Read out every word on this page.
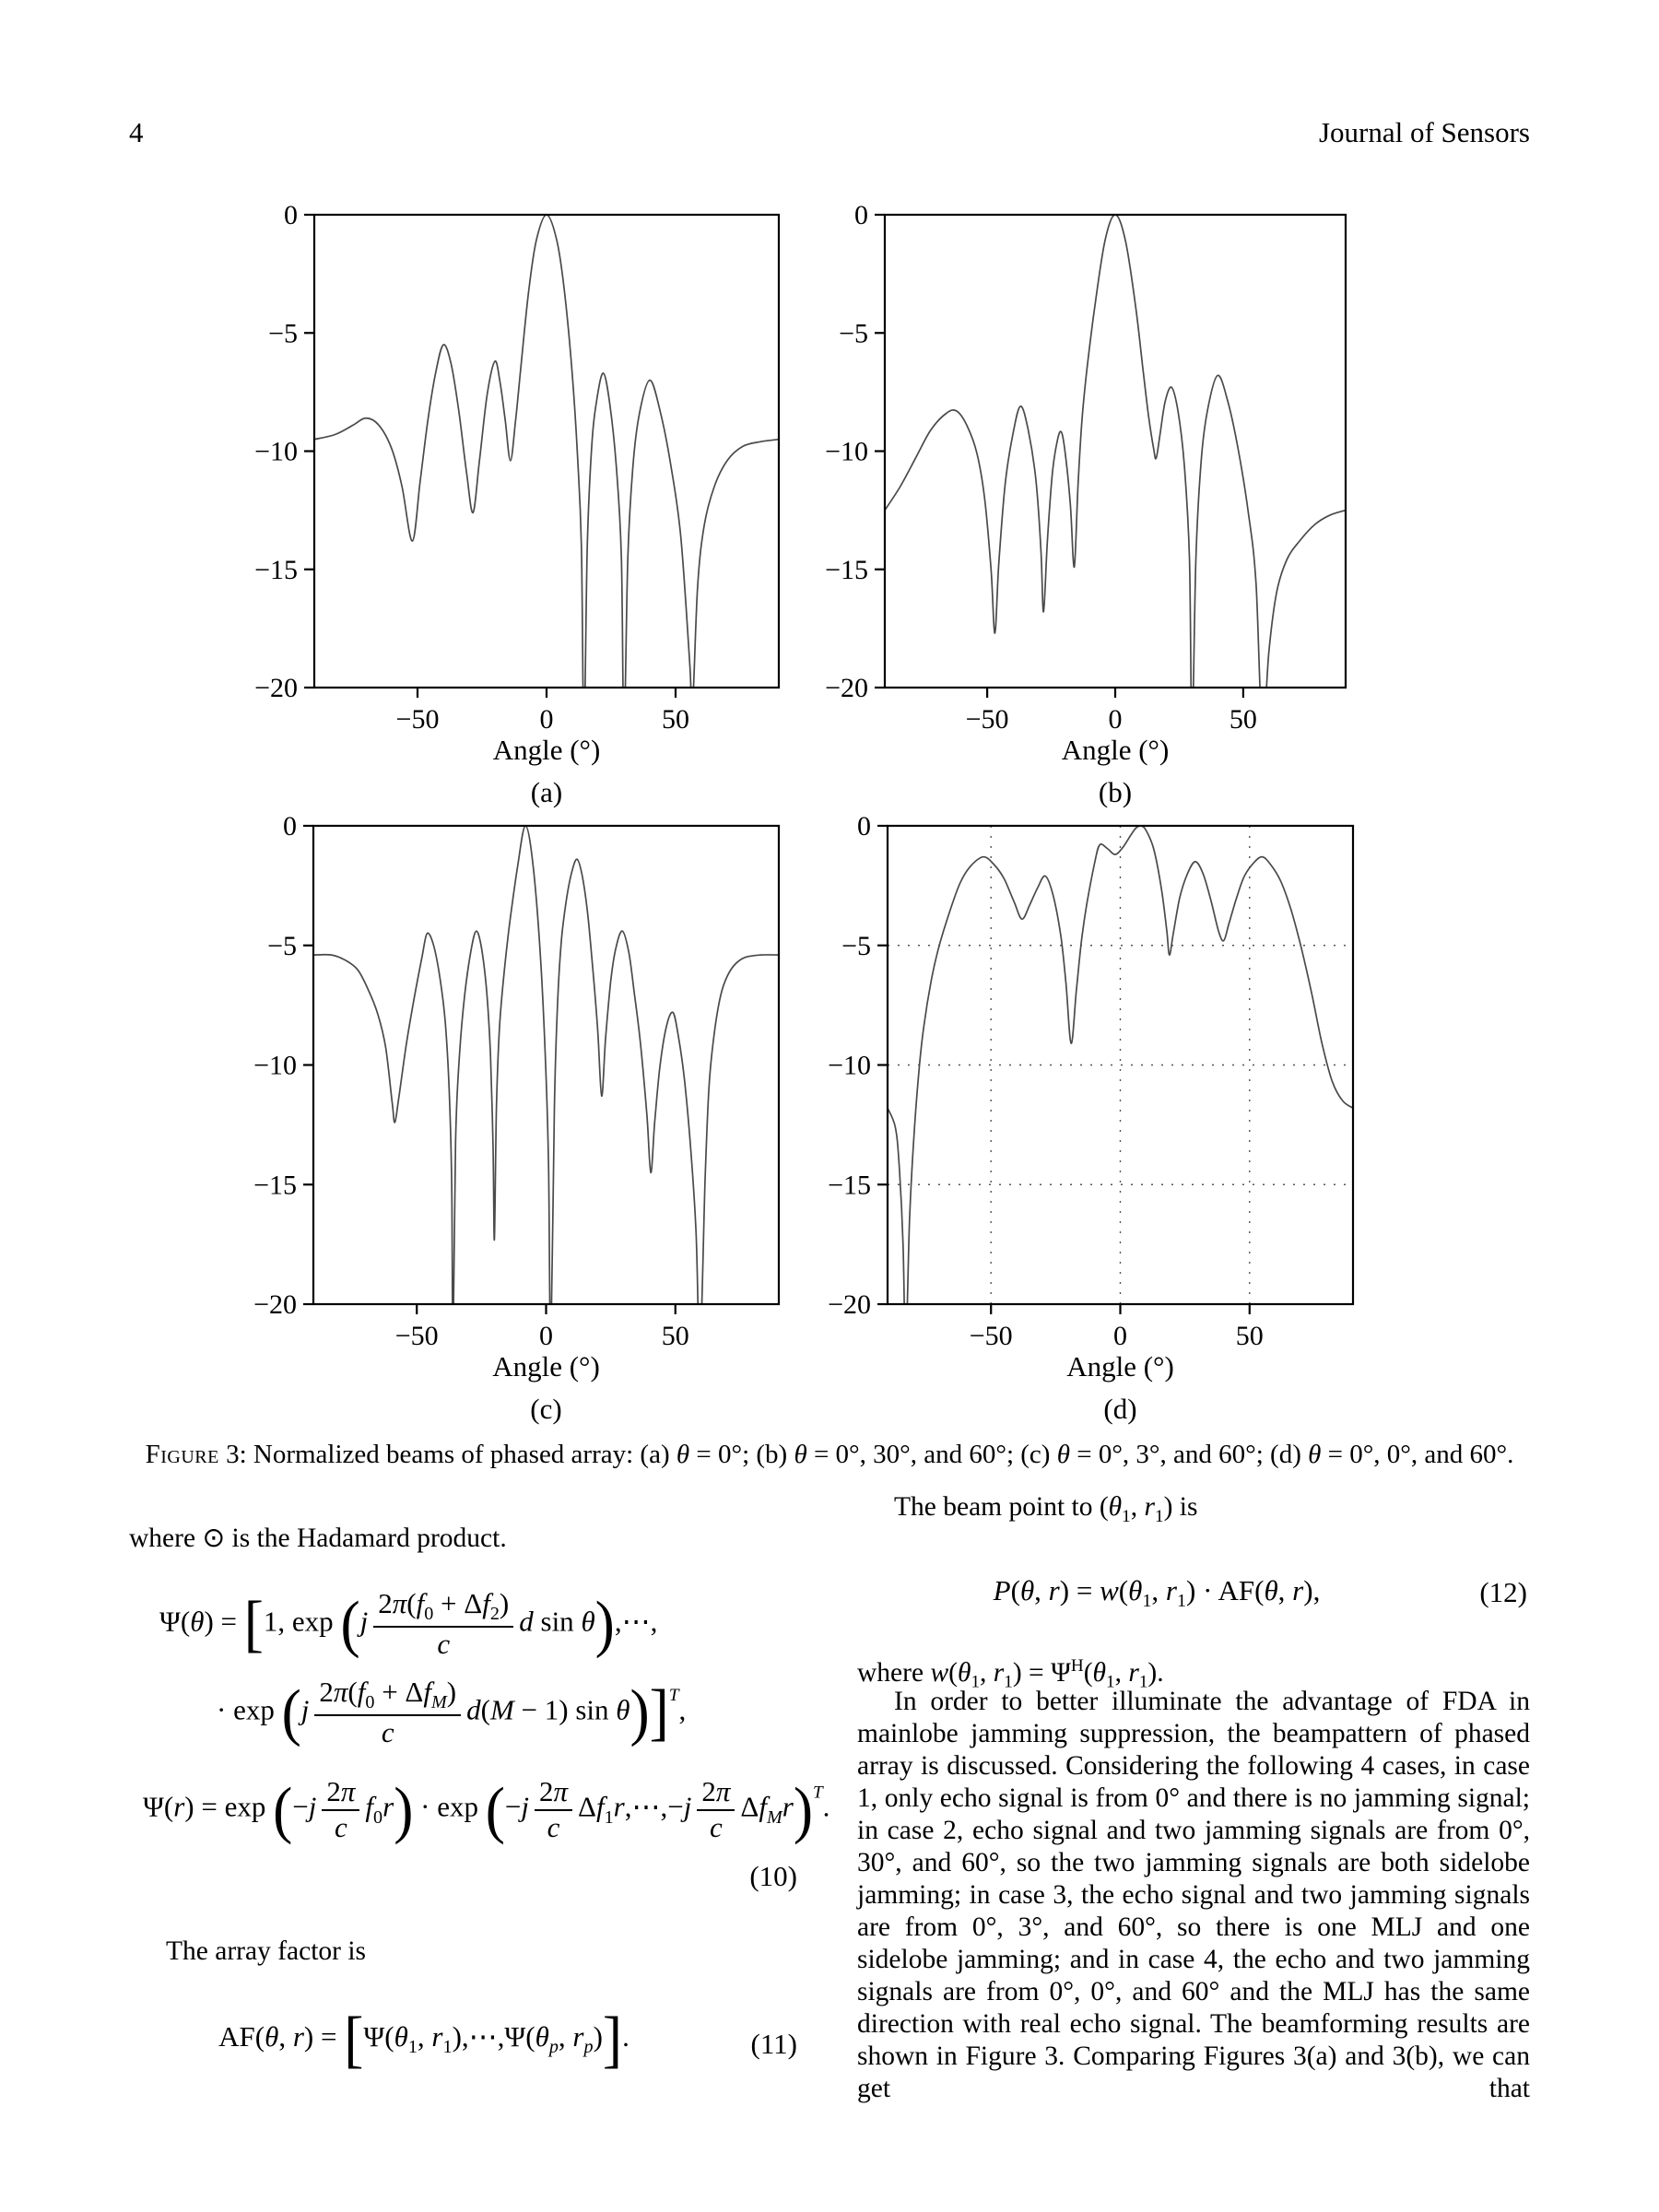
4	Journal of Sensors
0
−5
−10
−15
−20
−50	0	50
Angle (°)
(a)
0
−5
−10
−15
−20
−50	0	50
Angle (°)
(b)
0
−5
−10
−15
−20
−50	0	50
Angle (°)
(c)
0
−5
−10
−15
−20
−50	0	50
Angle (°)
(d)
Figure 3: Normalized beams of phased array: (a) θ = 0°; (b) θ = 0°, 30°, and 60°; (c) θ = 0°, 3°, and 60°; (d) θ = 0°, 0°, and 60°.
where ⊙ is the Hadamard product.
Ψ(θ) = [1, $\exp (j \frac{2\pi(f_0 + \Delta f_2)}{c}$ d sin θ),⋯,
· $\exp (j \frac{2\pi(f_0 + \Delta f_M)}{c} d(M - 1)$ sin θ)]$^T$,
$\Psi(r) = \exp (-j \frac{2\pi}{c} f_0r) \cdot \exp (-j \frac{2\pi}{c}$ $\Delta f_1r,\cdots,-j \frac{2\pi}{c} \Delta f_Mr)^T$.
(10)
The array factor is
AF(θ, $r) = [\Psi(\theta_1$, $r_1),\cdots,\Psi(\theta_p$, $r_p$)].	(11)
The beam point to ($\theta_1$, $r_1$) is
P(θ, $r) = w(\theta_1$, $r_1) \cdot AF(\theta$, r),	(12)
where $w(\theta_1$, $r_1) = \Psi^H(\theta_1$, $r_1$).
In order to better illuminate the advantage of FDA in mainlobe jamming suppression, the beampattern of phased array is discussed. Considering the following 4 cases, in case 1, only echo signal is from 0° and there is no jamming signal; in case 2, echo signal and two jamming signals are from 0°, 30°, and 60°, so the two jamming signals are both sidelobe jamming; in case 3, the echo signal and two jamming signals are from 0°, 3°, and 60°, so there is one MLJ and one sidelobe jamming; and in case 4, the echo and two jamming signals are from 0°, 0°, and 60° and the MLJ has the same direction with real echo signal. The beamforming results are shown in Figure 3. Comparing Figures 3(a) and 3(b), we can get that
